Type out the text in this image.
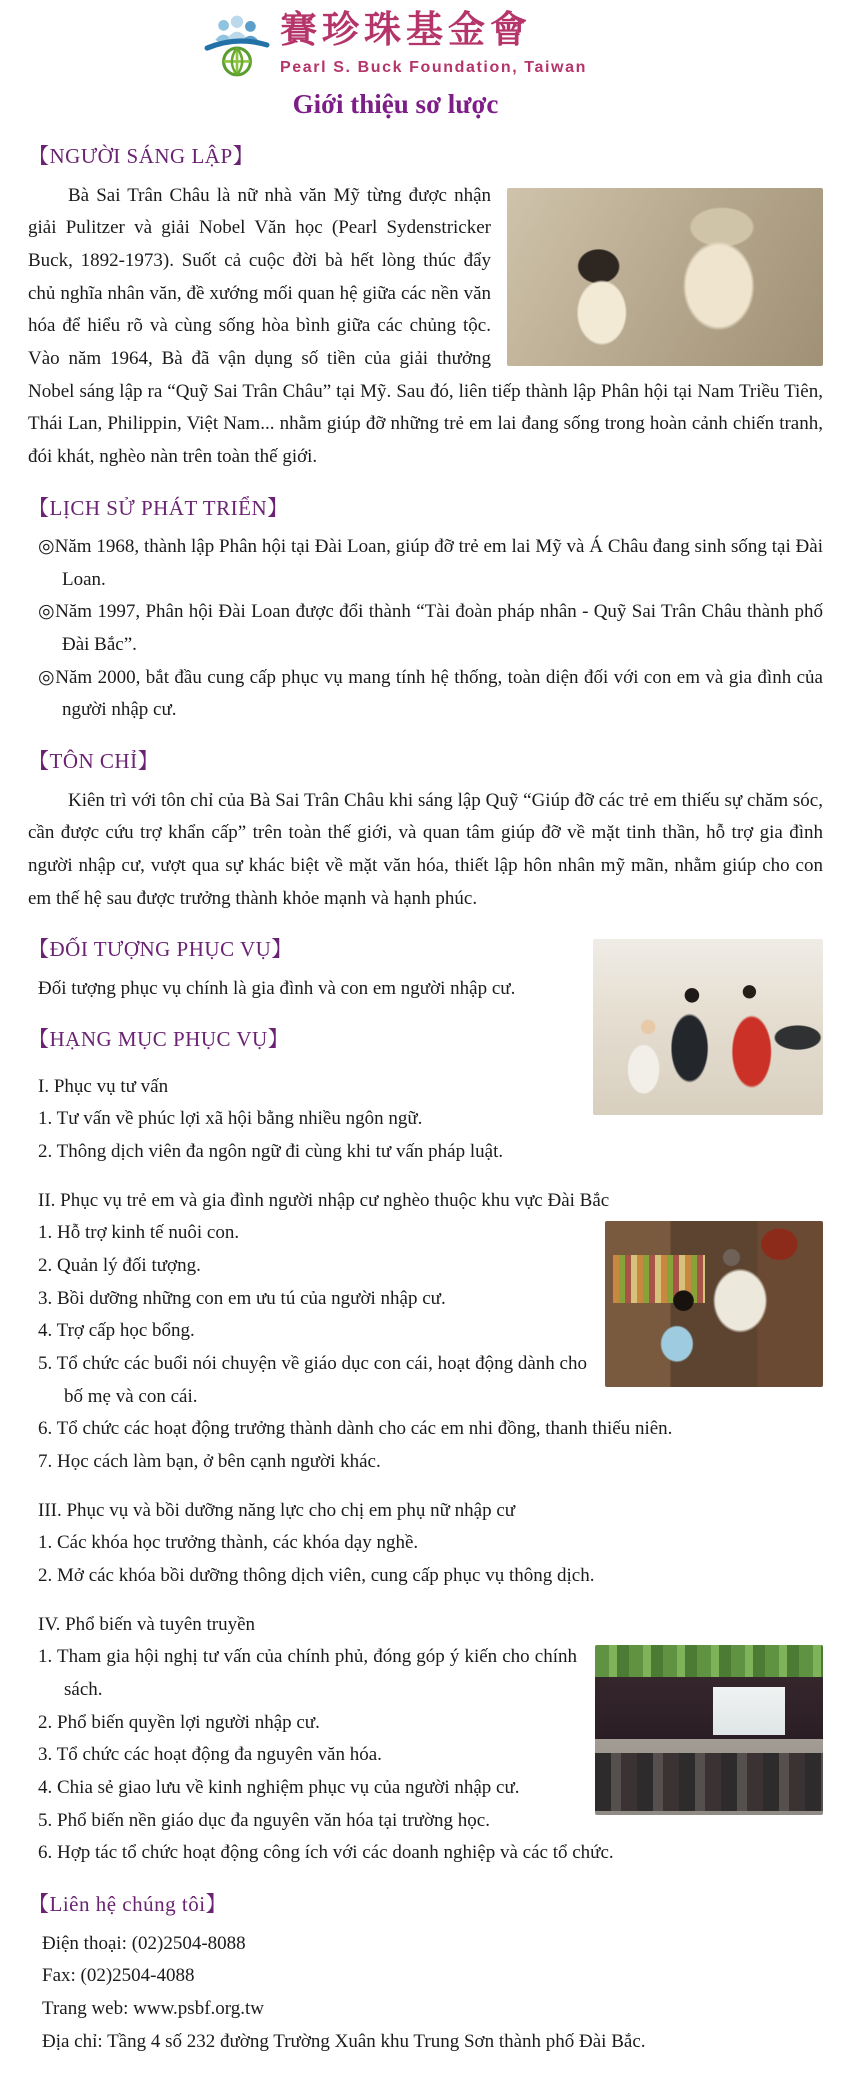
賽珍珠基金會
Pearl S. Buck Foundation, Taiwan
Giới thiệu sơ lược
【NGƯỜI SÁNG LẬP】

Bà Sai Trân Châu là nữ nhà văn Mỹ từng được nhận giải Pulitzer và giải Nobel Văn học (Pearl Sydenstricker Buck, 1892-1973). Suốt cả cuộc đời bà hết lòng thúc đẩy chủ nghĩa nhân văn, đề xướng mối quan hệ giữa các nền văn hóa để hiểu rõ và cùng sống hòa bình giữa các chủng tộc. Vào năm 1964, Bà đã vận dụng số tiền của giải thưởng Nobel sáng lập ra “Quỹ Sai Trân Châu” tại Mỹ. Sau đó, liên tiếp thành lập Phân hội tại Nam Triều Tiên, Thái Lan, Philippin, Việt Nam... nhằm giúp đỡ những trẻ em lai đang sống trong hoàn cảnh chiến tranh, đói khát, nghèo nàn trên toàn thế giới.

【LỊCH SỬ PHÁT TRIỂN】

◎Năm 1968, thành lập Phân hội tại Đài Loan, giúp đỡ trẻ em lai Mỹ và Á Châu đang sinh sống tại Đài Loan.

◎Năm 1997, Phân hội Đài Loan được đổi thành “Tài đoàn pháp nhân - Quỹ Sai Trân Châu thành phố Đài Bắc”.

◎Năm 2000, bắt đầu cung cấp phục vụ mang tính hệ thống, toàn diện đối với con em và gia đình của người nhập cư.

【TÔN CHỈ】

Kiên trì với tôn chỉ của Bà Sai Trân Châu khi sáng lập Quỹ “Giúp đỡ các trẻ em thiếu sự chăm sóc, cần được cứu trợ khẩn cấp” trên toàn thế giới, và quan tâm giúp đỡ về mặt tinh thần, hỗ trợ gia đình người nhập cư, vượt qua sự khác biệt về mặt văn hóa, thiết lập hôn nhân mỹ mãn, nhằm giúp cho con em thế hệ sau được trưởng thành khỏe mạnh và hạnh phúc.

【ĐỐI TƯỢNG PHỤC VỤ】

Đối tượng phục vụ chính là gia đình và con em người nhập cư.

【HẠNG MỤC PHỤC VỤ】

I. Phục vụ tư vấn

1. Tư vấn về phúc lợi xã hội bằng nhiều ngôn ngữ.

2. Thông dịch viên đa ngôn ngữ đi cùng khi tư vấn pháp luật.

II. Phục vụ trẻ em và gia đình người nhập cư nghèo thuộc khu vực Đài Bắc

1. Hỗ trợ kinh tế nuôi con.

2. Quản lý đối tượng.

3. Bồi dưỡng những con em ưu tú của người nhập cư.

4. Trợ cấp học bổng.

5. Tổ chức các buổi nói chuyện về giáo dục con cái, hoạt động dành cho bố mẹ và con cái.

6. Tổ chức các hoạt động trưởng thành dành cho các em nhi đồng, thanh thiếu niên.

7. Học cách làm bạn, ở bên cạnh người khác.

III. Phục vụ và bồi dưỡng năng lực cho chị em phụ nữ nhập cư

1. Các khóa học trưởng thành, các khóa dạy nghề.

2. Mở các khóa bồi dưỡng thông dịch viên, cung cấp phục vụ thông dịch.

IV. Phổ biến và tuyên truyền

1. Tham gia hội nghị tư vấn của chính phủ, đóng góp ý kiến cho chính sách.

2. Phổ biến quyền lợi người nhập cư.

3. Tổ chức các hoạt động đa nguyên văn hóa.

4. Chia sẻ giao lưu về kinh nghiệm phục vụ của người nhập cư.

5. Phổ biến nền giáo dục đa nguyên văn hóa tại trường học.

6. Hợp tác tổ chức hoạt động công ích với các doanh nghiệp và các tổ chức.

【Liên hệ chúng tôi】

Điện thoại: (02)2504-8088

Fax: (02)2504-4088

Trang web: www.psbf.org.tw

Địa chỉ: Tầng 4 số 232 đường Trường Xuân khu Trung Sơn thành phố Đài Bắc.
